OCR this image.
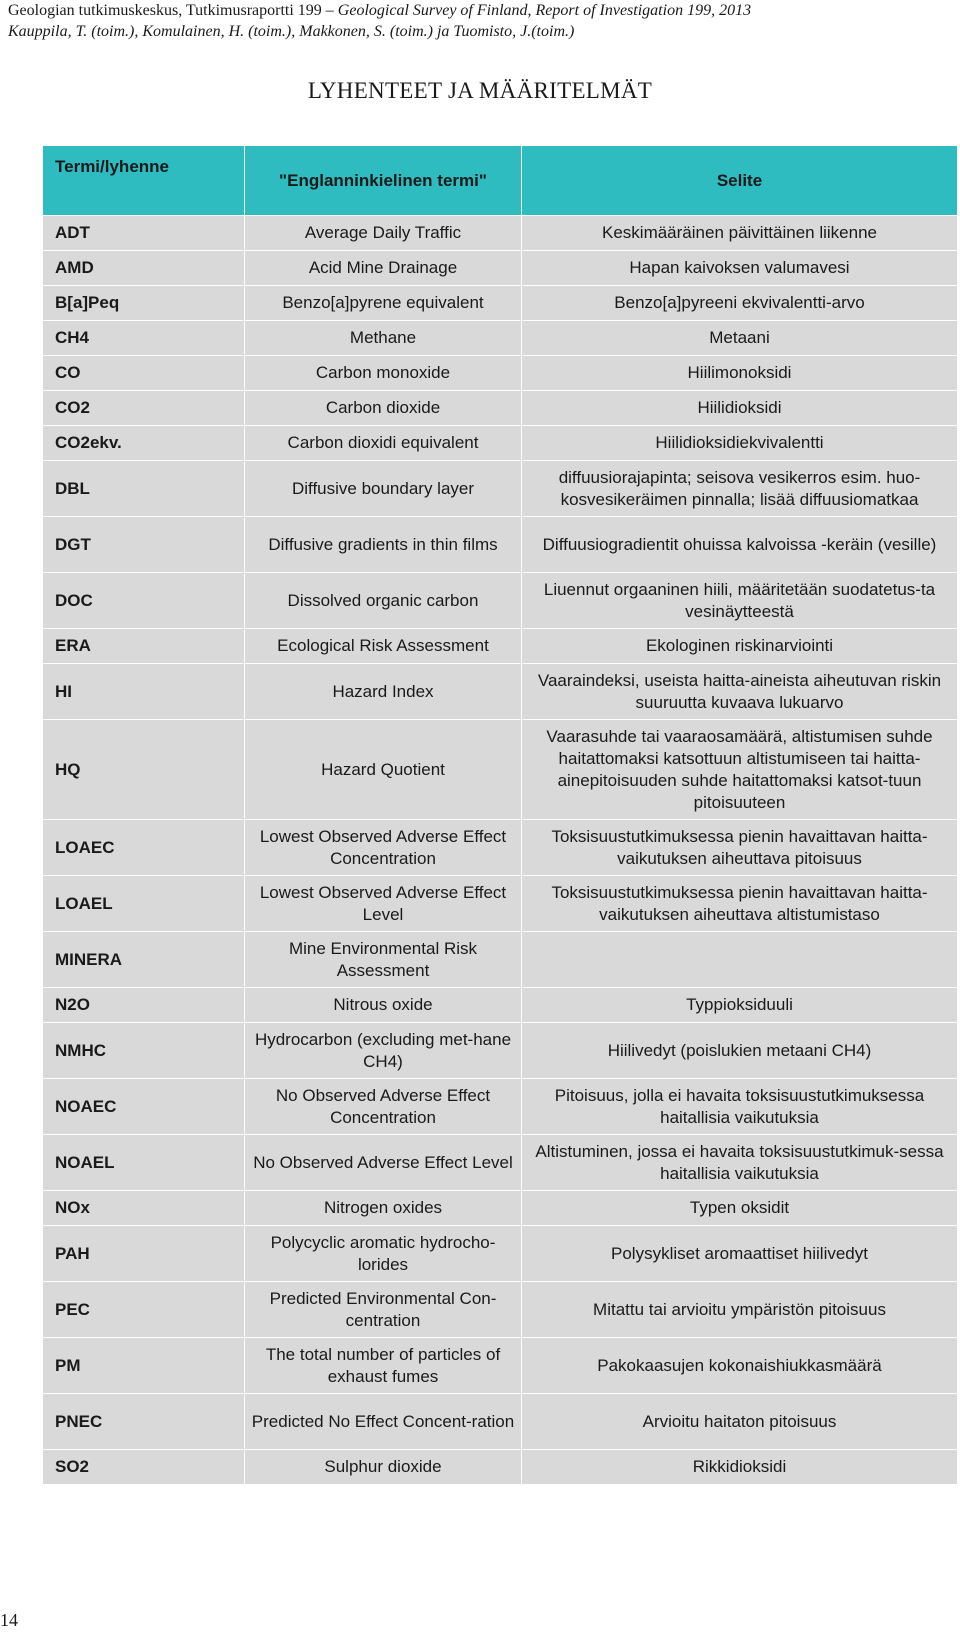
Geologian tutkimuskeskus, Tutkimusraportti 199 – Geological Survey of Finland, Report of Investigation 199, 2013
Kauppila, T. (toim.), Komulainen, H. (toim.), Makkonen, S. (toim.) ja Tuomisto, J.(toim.)
LYHENTEET JA MÄÄRITELMÄT
Termi/lyhenne	"Englanninkielinen termi"	Selite
ADT	Average Daily Traffic	Keskimääräinen päivittäinen liikenne
AMD	Acid Mine Drainage	Hapan kaivoksen valumavesi
B[a]Peq	Benzo[a]pyrene equivalent	Benzo[a]pyreeni ekvivalentti-arvo
CH4	Methane	Metaani
CO	Carbon monoxide	Hiilimonoksidi
CO2	Carbon dioxide	Hiilidioksidi
CO2ekv.	Carbon dioxidi equivalent	Hiilidioksidiekvivalentti
DBL	Diffusive boundary layer	diffuusiorajapinta; seisova vesikerros esim. huo-kosvesikeräimen pinnalla; lisää diffuusiomatkaa
DGT	Diffusive gradients in thin films	Diffuusiogradientit ohuissa kalvoissa -keräin (vesille)
DOC	Dissolved organic carbon	Liuennut orgaaninen hiili, määritetään suodatetus-ta vesinäytteestä
ERA	Ecological Risk Assessment	Ekologinen riskinarviointi
HI	Hazard Index	Vaaraindeksi, useista haitta-aineista aiheutuvan riskin suuruutta kuvaava lukuarvo
HQ	Hazard Quotient	Vaarasuhde tai vaaraosamäärä, altistumisen suhde haitattomaksi katsottuun altistumiseen tai haitta-ainepitoisuuden suhde haitattomaksi katsot-tuun pitoisuuteen
LOAEC	Lowest Observed Adverse Effect Concentration	Toksisuustutkimuksessa pienin havaittavan haitta-vaikutuksen aiheuttava pitoisuus
LOAEL	Lowest Observed Adverse Effect Level	Toksisuustutkimuksessa pienin havaittavan haitta-vaikutuksen aiheuttava altistumistaso
MINERA	Mine Environmental Risk Assessment	
N2O	Nitrous oxide	Typpioksiduuli
NMHC	Hydrocarbon (excluding met-hane CH4)	Hiilivedyt (poislukien metaani CH4)
NOAEC	No Observed Adverse Effect Concentration	Pitoisuus, jolla ei havaita toksisuustutkimuksessa haitallisia vaikutuksia
NOAEL	No Observed Adverse Effect Level	Altistuminen, jossa ei havaita toksisuustutkimuk-sessa haitallisia vaikutuksia
NOx	Nitrogen oxides	Typen oksidit
PAH	Polycyclic aromatic hydrocho-lorides	Polysykliset aromaattiset hiilivedyt
PEC	Predicted Environmental Con-centration	Mitattu tai arvioitu ympäristön pitoisuus
PM	The total number of particles of exhaust fumes	Pakokaasujen kokonaishiukkasmäärä
PNEC	Predicted No Effect Concent-ration	Arvioitu haitaton pitoisuus
SO2	Sulphur dioxide	Rikkidioksidi
14
